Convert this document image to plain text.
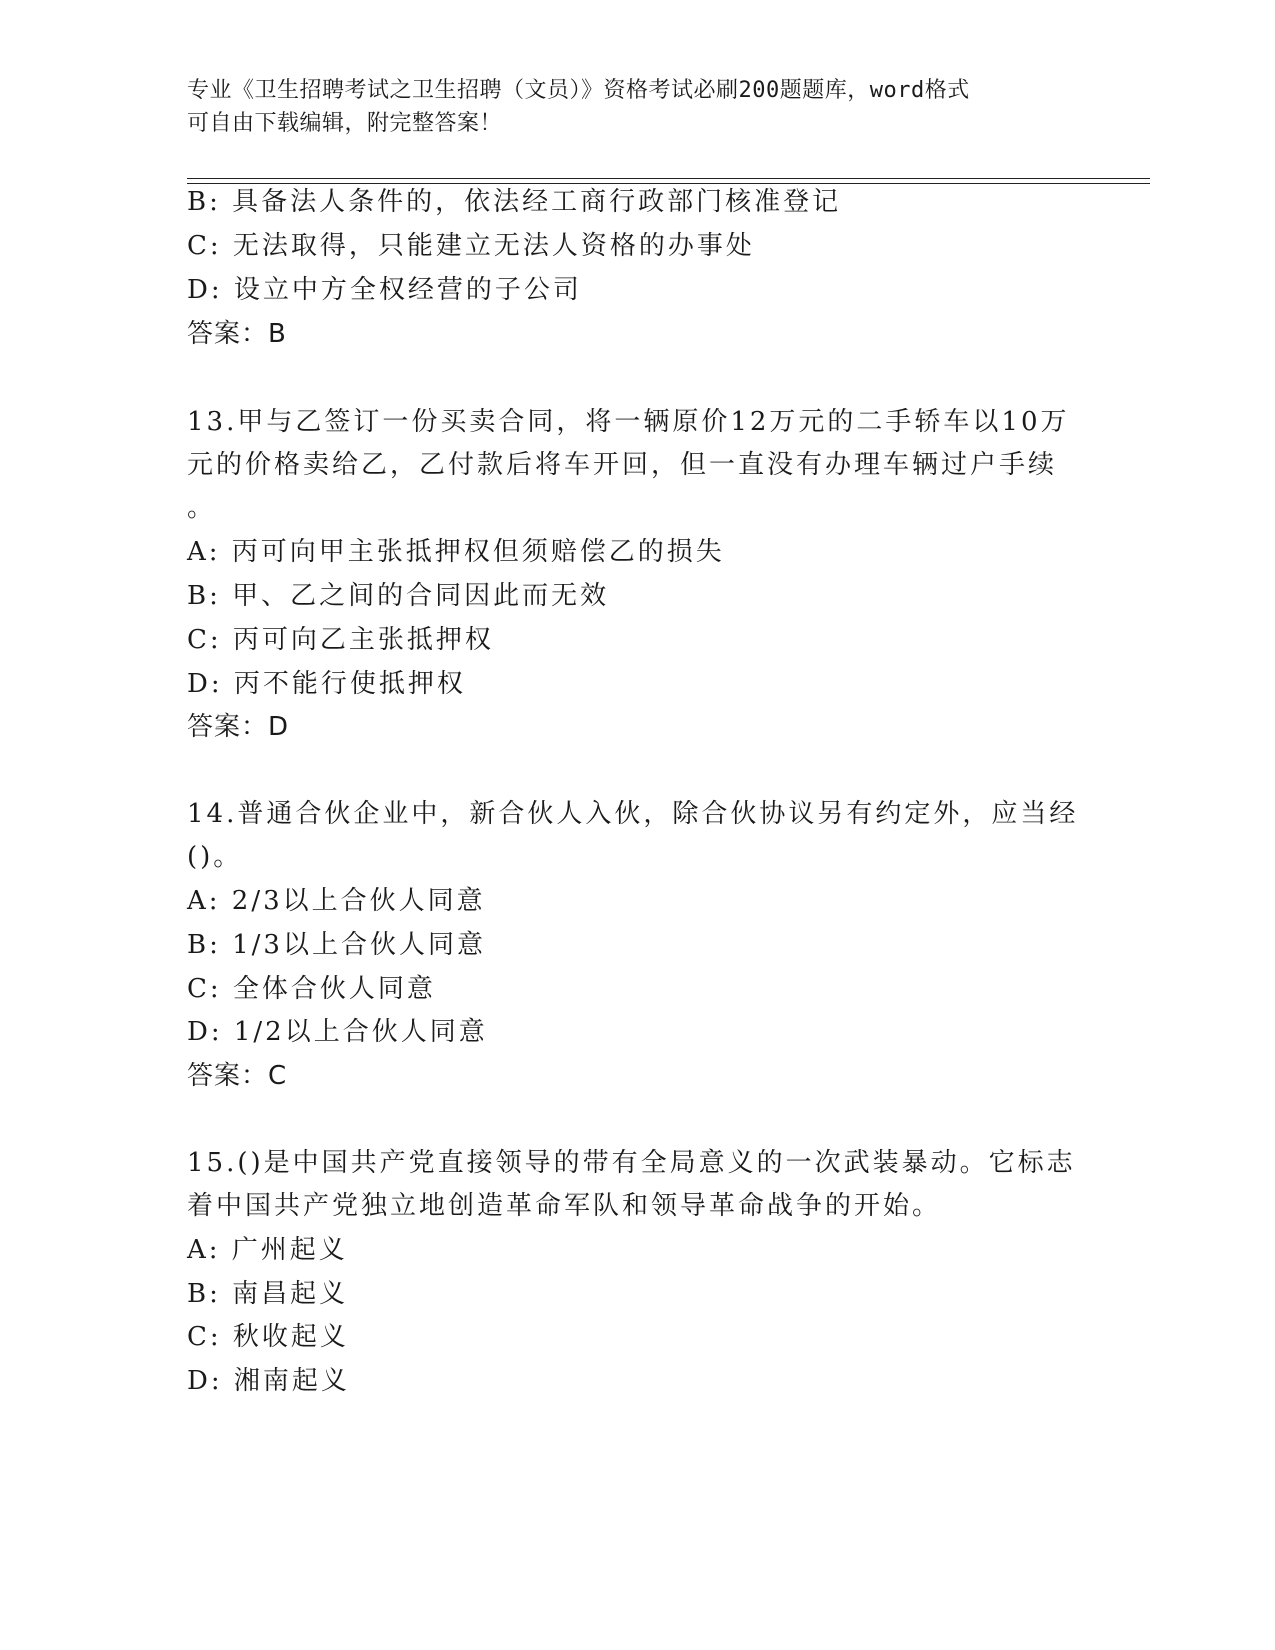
专业《卫生招聘考试之卫生招聘（文员）》资格考试必刷200题题库，word格式
可自由下载编辑，附完整答案！
B: 具备法人条件的，依法经工商行政部门核准登记
C: 无法取得，只能建立无法人资格的办事处
D: 设立中方全权经营的子公司
答案：B
13.甲与乙签订一份买卖合同，将一辆原价12万元的二手轿车以10万
元的价格卖给乙，乙付款后将车开回，但一直没有办理车辆过户手续
。
A: 丙可向甲主张抵押权但须赔偿乙的损失
B: 甲、乙之间的合同因此而无效
C: 丙可向乙主张抵押权
D: 丙不能行使抵押权
答案：D
14.普通合伙企业中，新合伙人入伙，除合伙协议另有约定外，应当经
()。
A: 2/3以上合伙人同意
B: 1/3以上合伙人同意
C: 全体合伙人同意
D: 1/2以上合伙人同意
答案：C
15.()是中国共产党直接领导的带有全局意义的一次武装暴动。它标志
着中国共产党独立地创造革命军队和领导革命战争的开始。
A: 广州起义
B: 南昌起义
C: 秋收起义
D: 湘南起义
